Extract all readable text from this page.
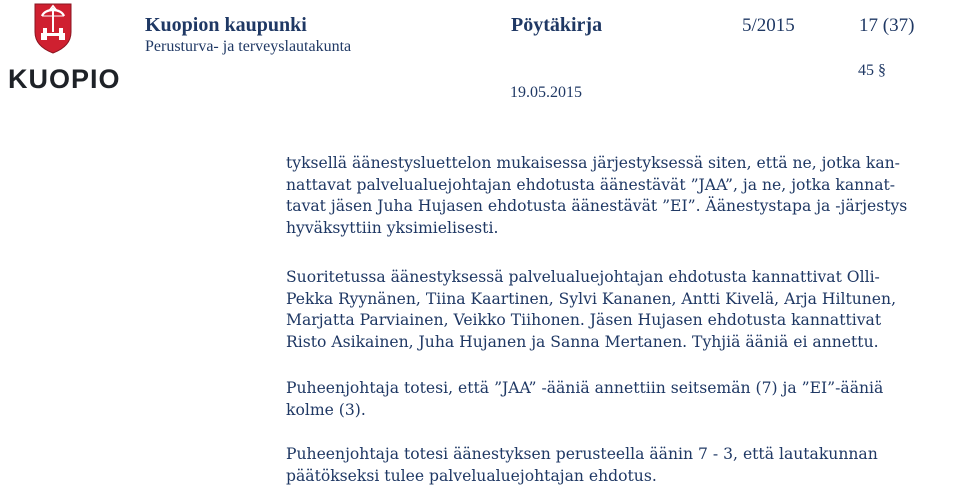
KUOPIO
Kuopion kaupunki
Perusturva- ja terveyslautakunta
Pöytäkirja	5/2015	17 (37)
45 §
19.05.2015

tyksellä äänestysluettelon mukaisessa järjestyksessä siten, että ne, jotka kan-

nattavat palvelualuejohtajan ehdotusta äänestävät ”JAA”, ja ne, jotka kannat-

tavat jäsen Juha Hujasen ehdotusta äänestävät ”EI”. Äänestystapa ja -järjestys

hyväksyttiin yksimielisesti.

Suoritetussa äänestyksessä palvelualuejohtajan ehdotusta kannattivat Olli-

Pekka Ryynänen, Tiina Kaartinen, Sylvi Kananen, Antti Kivelä, Arja Hiltunen,

Marjatta Parviainen, Veikko Tiihonen. Jäsen Hujasen ehdotusta kannattivat

Risto Asikainen, Juha Hujanen ja Sanna Mertanen. Tyhjiä ääniä ei annettu.

Puheenjohtaja totesi, että ”JAA” -ääniä annettiin seitsemän (7) ja ”EI”-ääniä

kolme (3).

Puheenjohtaja totesi äänestyksen perusteella äänin 7 - 3, että lautakunnan

päätökseksi tulee palvelualuejohtajan ehdotus.
